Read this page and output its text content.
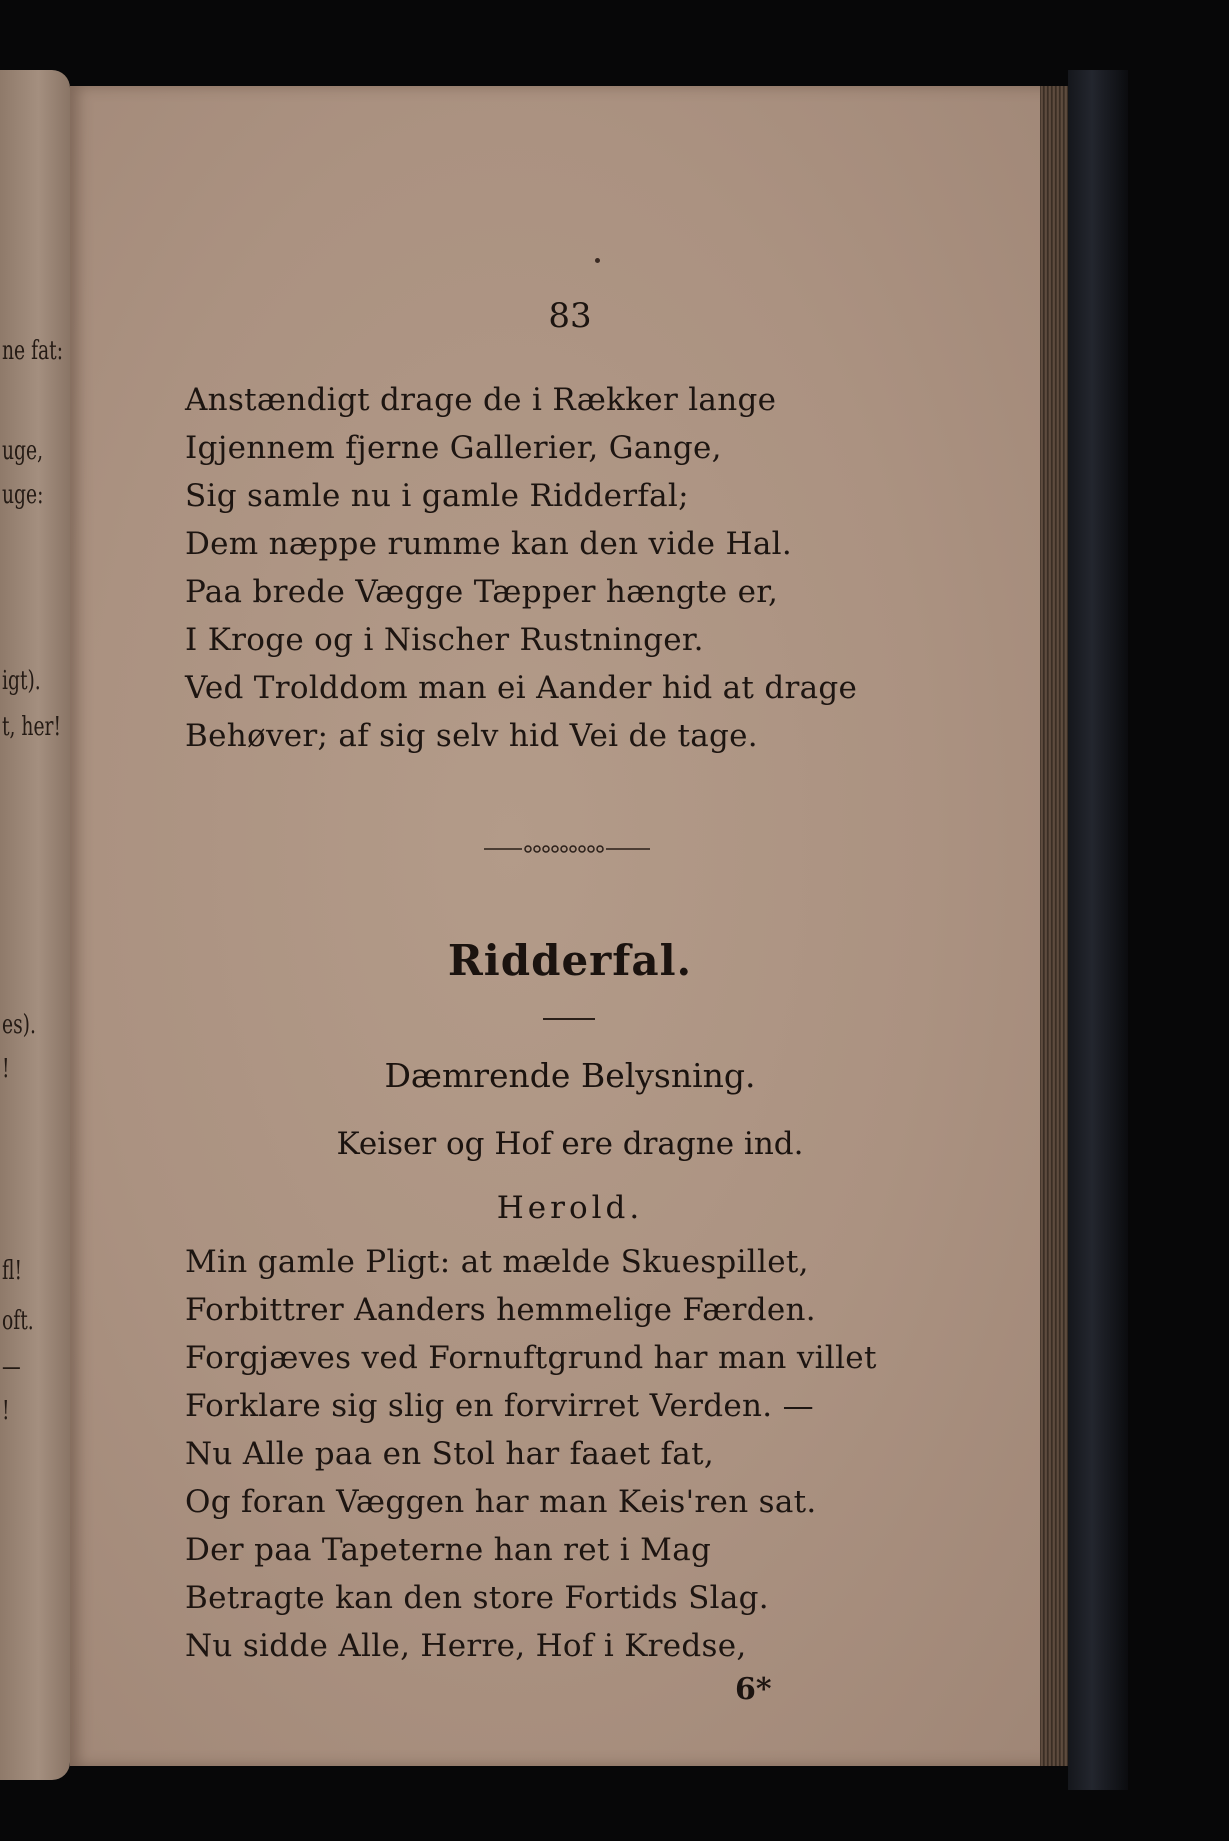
ne fat:
uge,
uge:
igt).
t, her!
es).
!
fl!
oft.
—
!
83
Anstændigt drage de i Rækker lange
Igjennem fjerne Gallerier, Gange,
Sig samle nu i gamle Ridderfal;
Dem næppe rumme kan den vide Hal.
Paa brede Vægge Tæpper hængte er,
I Kroge og i Nischer Rustninger.
Ved Trolddom man ei Aander hid at drage
Behøver; af sig selv hid Vei de tage.
Ridderfal.
Dæmrende Belysning.
Keiser og Hof ere dragne ind.
Herold.
Min gamle Pligt: at mælde Skuespillet,
Forbittrer Aanders hemmelige Færden.
Forgjæves ved Fornuftgrund har man villet
Forklare sig slig en forvirret Verden. —
Nu Alle paa en Stol har faaet fat,
Og foran Væggen har man Keis'ren sat.
Der paa Tapeterne han ret i Mag
Betragte kan den store Fortids Slag.
Nu sidde Alle, Herre, Hof i Kredse,
6*
